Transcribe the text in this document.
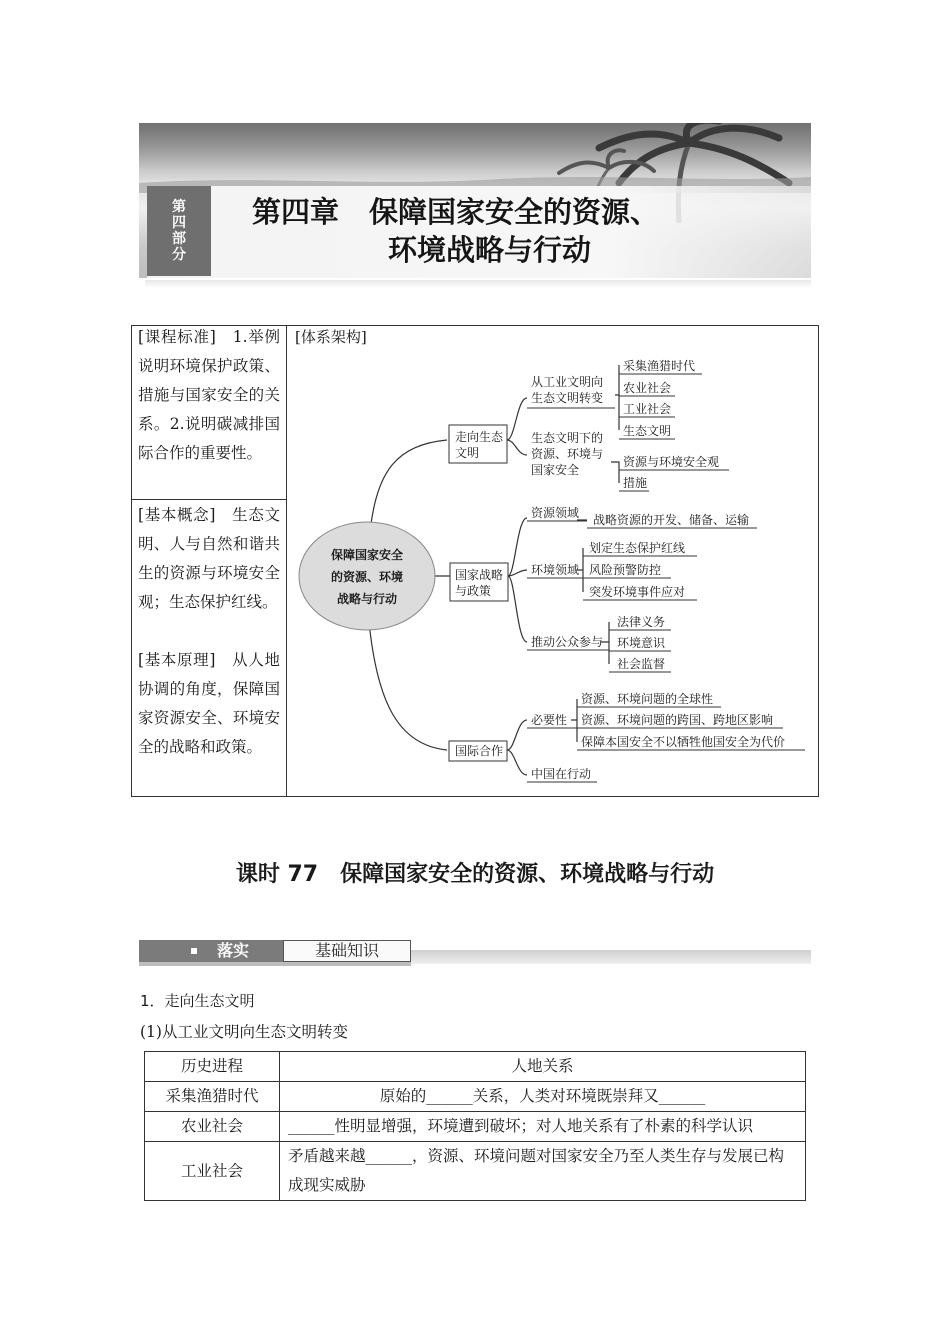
第
四
部
分
第四章 保障国家安全的资源、
环境战略与行动
[课程标准] 1.举例说明环境保护政策、措施与国家安全的关系。2.说明碳减排国际合作的重要性。
[基本概念] 生态文明、人与自然和谐共生的资源与环境安全观；生态保护红线。
[基本原理] 从人地协调的角度，保障国家资源安全、环境安全的战略和政策。
[体系架构]
保障国家安全
的资源、环境
战略与行动
走向生态
文明
国家战略
与政策
国际合作
从工业文明向
生态文明转变
采集渔猎时代
农业社会
工业社会
生态文明
生态文明下的
资源、环境与
国家安全
资源与环境安全观
措施
资源领域 战略资源的开发、储备、运输
环境领域
划定生态保护红线
风险预警防控
突发环境事件应对
推动公众参与
法律义务
环境意识
社会监督
必要性
资源、环境问题的全球性
资源、环境问题的跨国、跨地区影响
保障本国安全不以牺牲他国安全为代价
中国在行动
课时 77 保障国家安全的资源、环境战略与行动
落实	基础知识
1．走向生态文明
(1)从工业文明向生态文明转变
历史进程	人地关系
采集渔猎时代	原始的______关系，人类对环境既崇拜又______
农业社会	______性明显增强，环境遭到破坏；对人地关系有了朴素的科学认识
工业社会	矛盾越来越______，资源、环境问题对国家安全乃至人类生存与发展已构成现实威胁
